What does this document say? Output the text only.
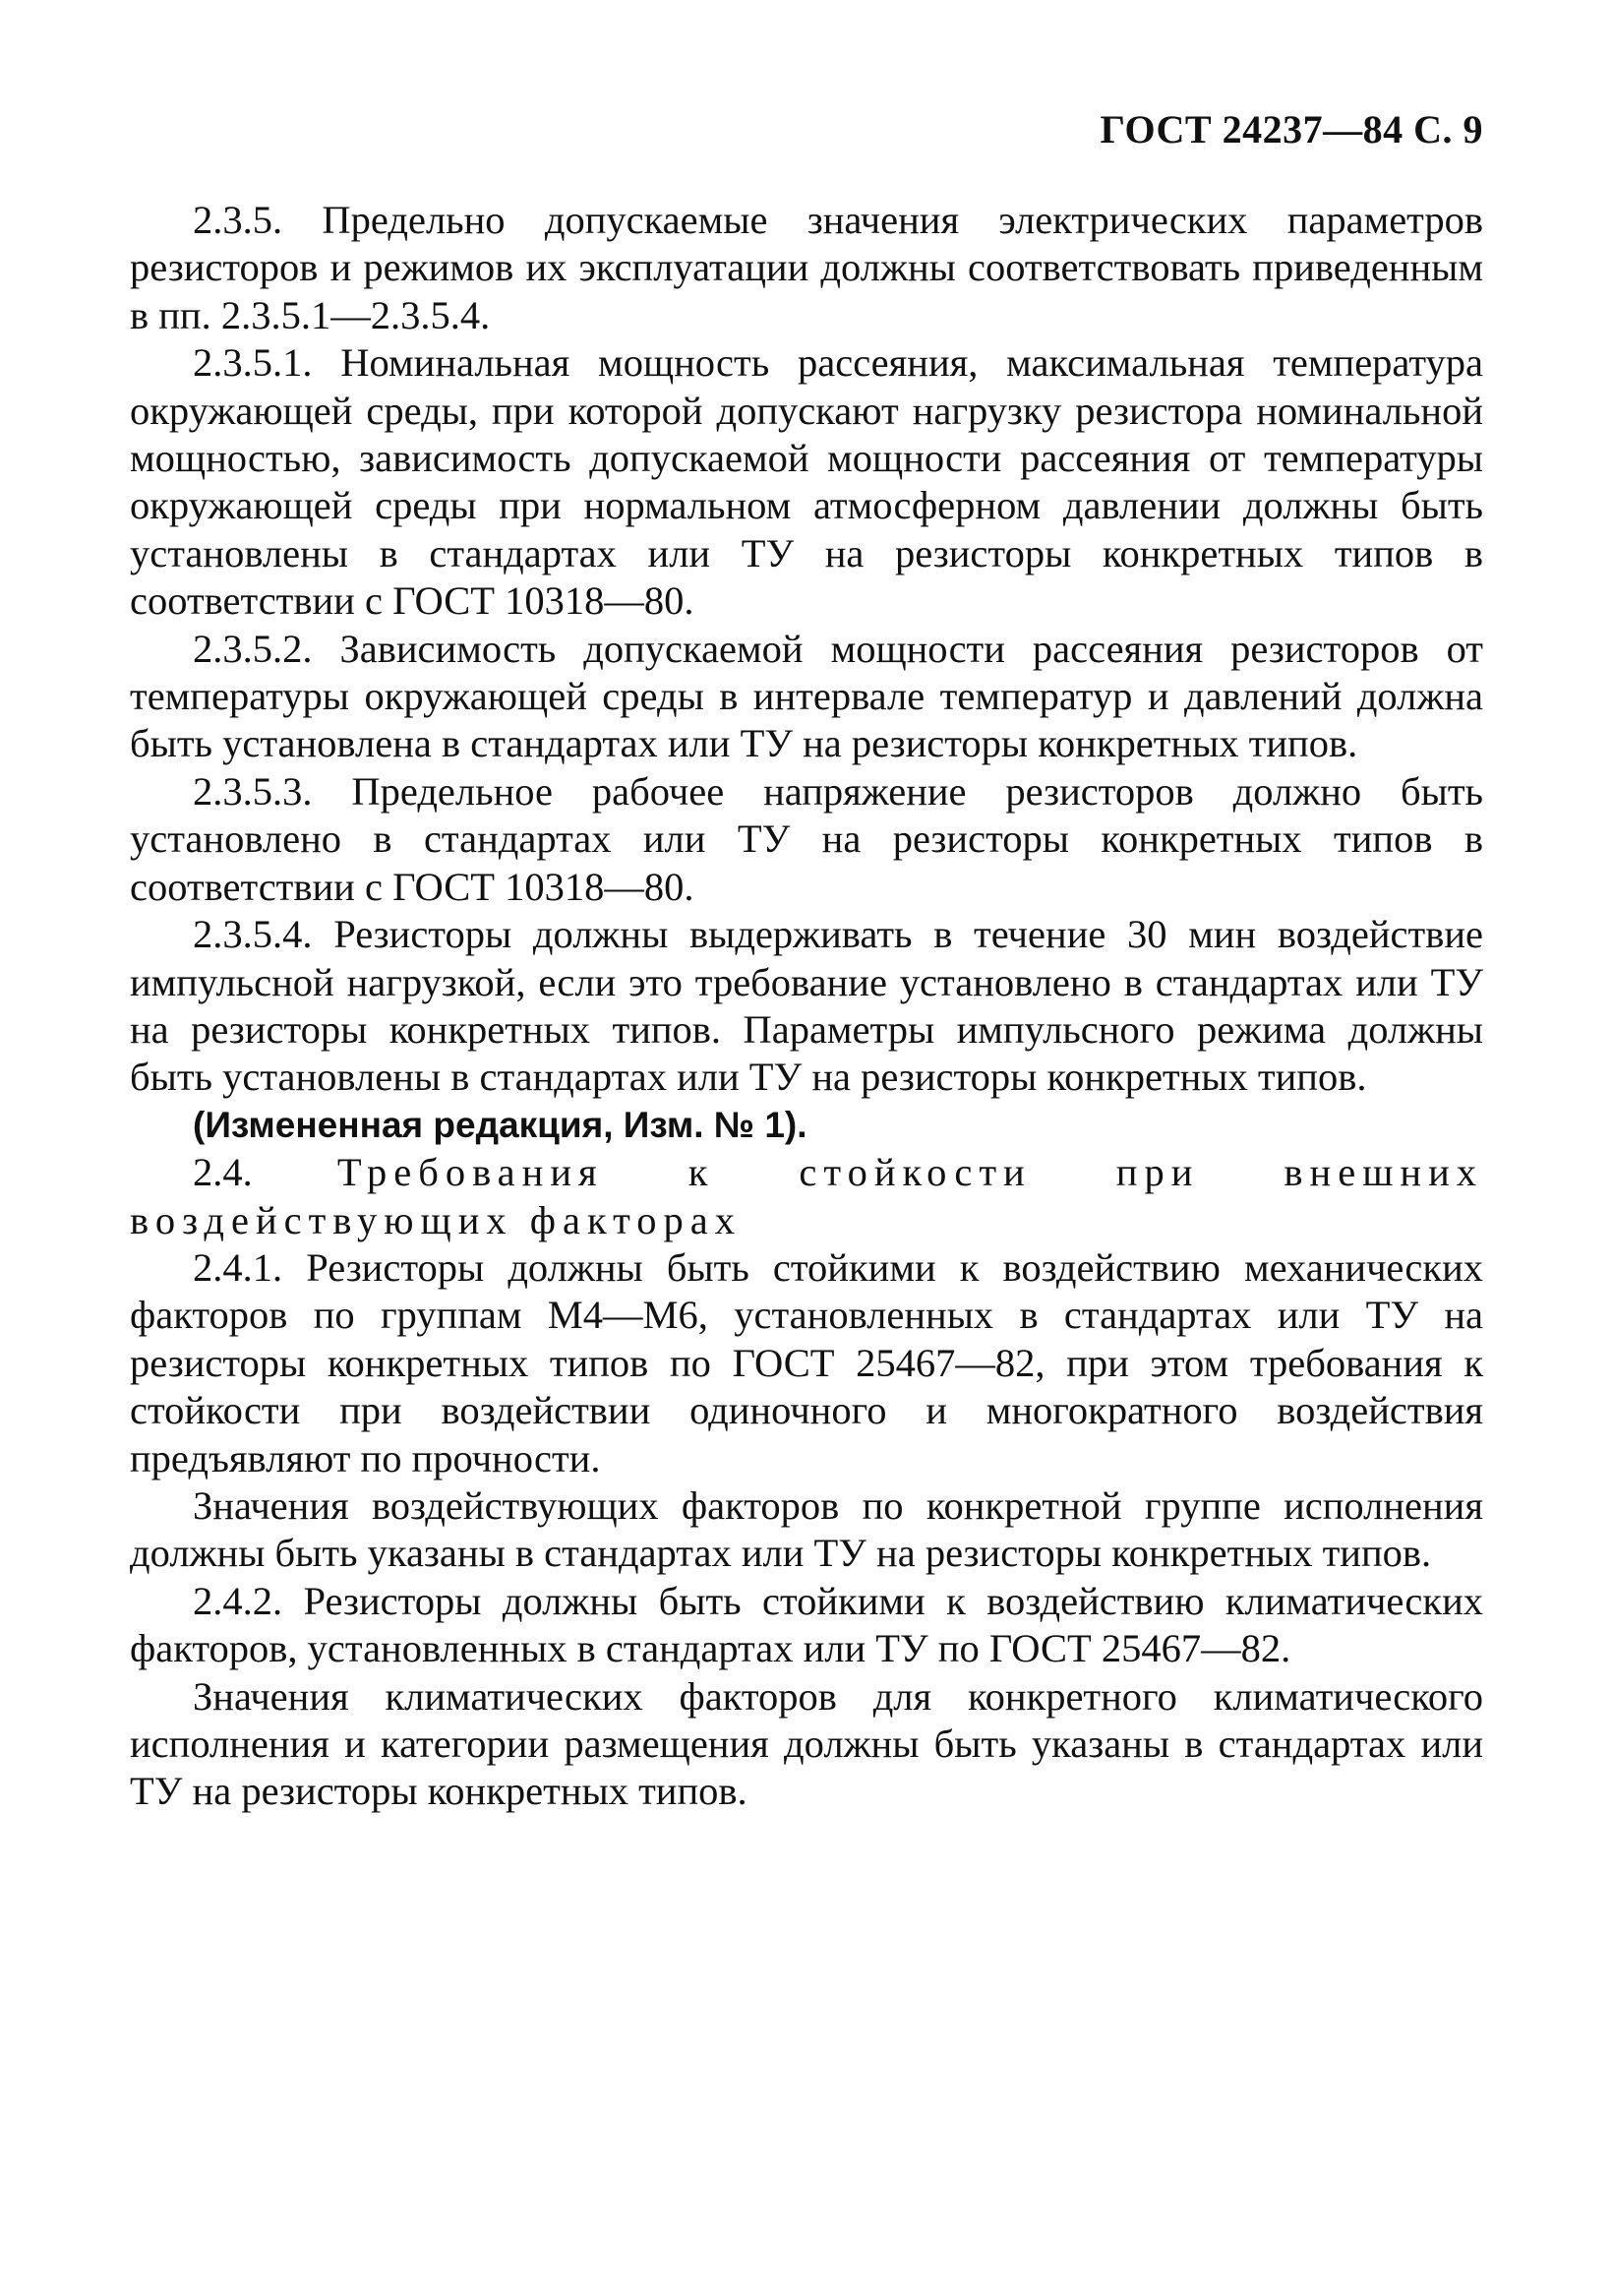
ГОСТ 24237—84 С. 9

2.3.5. Предельно допускаемые значения электрических параметров резисторов и режимов их эксплуатации должны соответствовать приведенным в пп. 2.3.5.1—2.3.5.4.

2.3.5.1. Номинальная мощность рассеяния, максимальная температура окружающей среды, при которой допускают нагрузку резистора номинальной мощностью, зависимость допускаемой мощности рассеяния от температуры окружающей среды при нормальном атмосферном давлении должны быть установлены в стандартах или ТУ на резисторы конкретных типов в соответствии с ГОСТ 10318—80.

2.3.5.2. Зависимость допускаемой мощности рассеяния резисторов от температуры окружающей среды в интервале температур и давлений должна быть установлена в стандартах или ТУ на резисторы конкретных типов.

2.3.5.3. Предельное рабочее напряжение резисторов должно быть установлено в стандартах или ТУ на резисторы конкретных типов в соответствии с ГОСТ 10318—80.

2.3.5.4. Резисторы должны выдерживать в течение 30 мин воздействие импульсной нагрузкой, если это требование установлено в стандартах или ТУ на резисторы конкретных типов. Параметры импульсного режима должны быть установлены в стандартах или ТУ на резисторы конкретных типов.

(Измененная редакция, Изм. № 1).

2.4. Требования к стойкости при внешних воздействующих факторах

2.4.1. Резисторы должны быть стойкими к воздействию механических факторов по группам М4—М6, установленных в стандартах или ТУ на резисторы конкретных типов по ГОСТ 25467—82, при этом требования к стойкости при воздействии одиночного и многократного воздействия предъявляют по прочности.

Значения воздействующих факторов по конкретной группе исполнения должны быть указаны в стандартах или ТУ на резисторы конкретных типов.

2.4.2. Резисторы должны быть стойкими к воздействию климатических факторов, установленных в стандартах или ТУ по ГОСТ 25467—82.

Значения климатических факторов для конкретного климатического исполнения и категории размещения должны быть указаны в стандартах или ТУ на резисторы конкретных типов.
